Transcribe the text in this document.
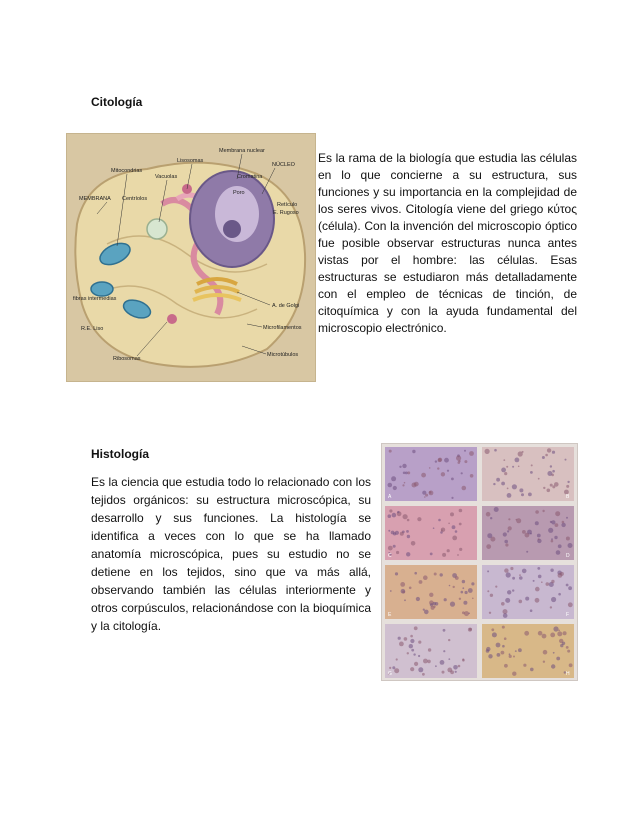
Citología
Membrana nuclear
Lisosomas
NÚCLEO
Mitocondrias
Vacuolas	Cromatina
MEMBRANA Centríolos
Poro
Retículo
E. Rugoso
fibras intermedias
A. de Golgi
R.E. Liso	Microfilamentos
Ribosomas
Microtúbulos
Es la rama de la biología que estudia las células en lo que concierne a su estructura, sus funciones y su importancia en la complejidad de los seres vivos. Citología viene del griego κύτος (célula). Con la invención del microscopio óptico fue posible observar estructuras nunca antes vistas por el hombre: las células. Esas estructuras se estudiaron más detalladamente con el empleo de técnicas de tinción, de citoquímica y con la ayuda fundamental del microscopio electrónico.
Histología
Es la ciencia que estudia todo lo relacionado con los tejidos orgánicos: su estructura microscópica, su desarrollo y sus funciones. La histología se identifica a veces con lo que se ha llamado anatomía microscópica, pues su estudio no se detiene en los tejidos, sino que va más allá, observando también las células interiormente y otros corpúsculos, relacionándose con la bioquímica y la citología.
A	B
C	D
E	F
G	H
